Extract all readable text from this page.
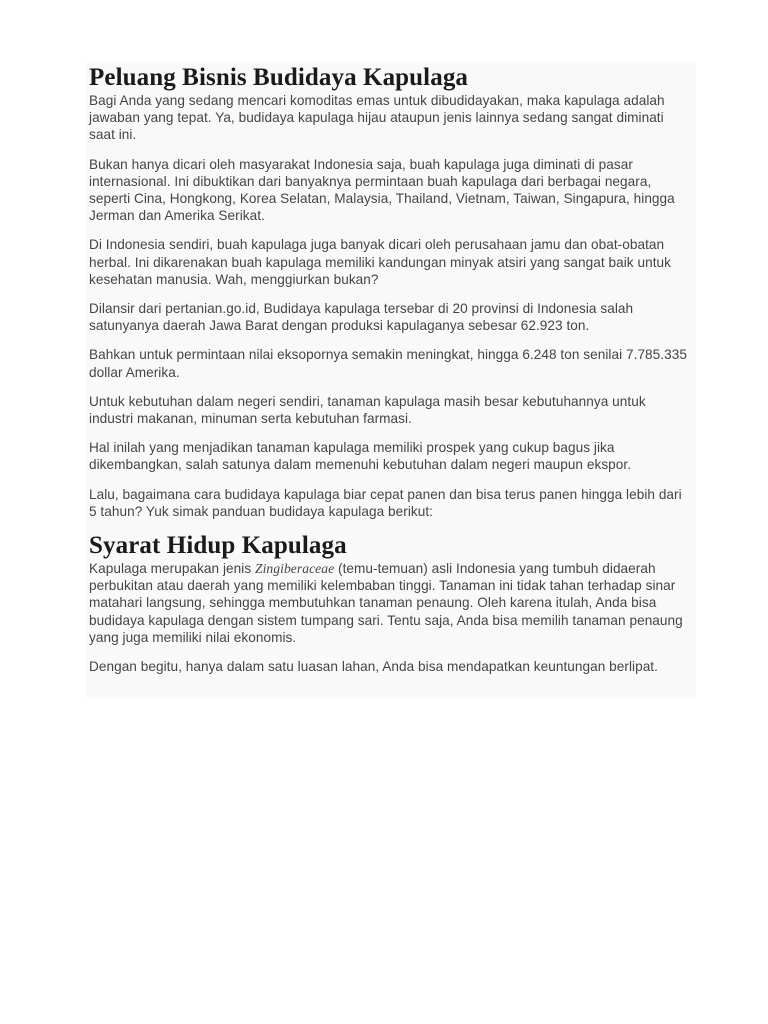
Peluang Bisnis Budidaya Kapulaga

Bagi Anda yang sedang mencari komoditas emas untuk dibudidayakan, maka kapulaga adalah jawaban yang tepat. Ya, budidaya kapulaga hijau ataupun jenis lainnya sedang sangat diminati saat ini.

Bukan hanya dicari oleh masyarakat Indonesia saja, buah kapulaga juga diminati di pasar internasional. Ini dibuktikan dari banyaknya permintaan buah kapulaga dari berbagai negara, seperti Cina, Hongkong, Korea Selatan, Malaysia, Thailand, Vietnam, Taiwan, Singapura, hingga Jerman dan Amerika Serikat.

Di Indonesia sendiri, buah kapulaga juga banyak dicari oleh perusahaan jamu dan obat-obatan herbal. Ini dikarenakan buah kapulaga memiliki kandungan minyak atsiri yang sangat baik untuk kesehatan manusia. Wah, menggiurkan bukan?

Dilansir dari pertanian.go.id, Budidaya kapulaga tersebar di 20 provinsi di Indonesia salah satunyanya daerah Jawa Barat dengan produksi kapulaganya sebesar 62.923 ton.

Bahkan untuk permintaan nilai eksopornya semakin meningkat, hingga 6.248 ton senilai 7.785.335 dollar Amerika.

Untuk kebutuhan dalam negeri sendiri, tanaman kapulaga masih besar kebutuhannya untuk industri makanan, minuman serta kebutuhan farmasi.

Hal inilah yang menjadikan tanaman kapulaga memiliki prospek yang cukup bagus jika dikembangkan, salah satunya dalam memenuhi kebutuhan dalam negeri maupun ekspor.

Lalu, bagaimana cara budidaya kapulaga biar cepat panen dan bisa terus panen hingga lebih dari 5 tahun? Yuk simak panduan budidaya kapulaga berikut:

Syarat Hidup Kapulaga

Kapulaga merupakan jenis Zingiberaceae (temu-temuan) asli Indonesia yang tumbuh didaerah perbukitan atau daerah yang memiliki kelembaban tinggi. Tanaman ini tidak tahan terhadap sinar matahari langsung, sehingga membutuhkan tanaman penaung. Oleh karena itulah, Anda bisa budidaya kapulaga dengan sistem tumpang sari. Tentu saja, Anda bisa memilih tanaman penaung yang juga memiliki nilai ekonomis.

Dengan begitu, hanya dalam satu luasan lahan, Anda bisa mendapatkan keuntungan berlipat.
